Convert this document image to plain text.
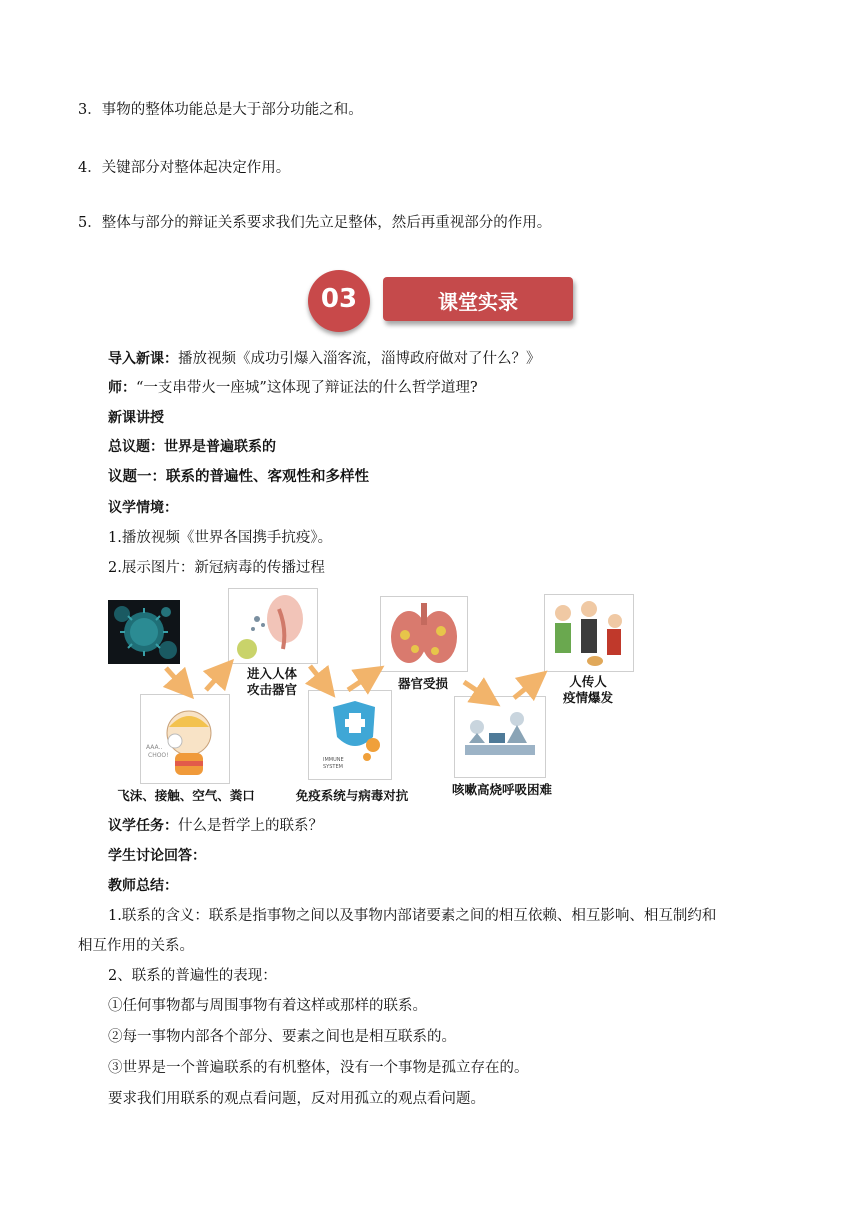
3．事物的整体功能总是大于部分功能之和。
4．关键部分对整体起决定作用。
5．整体与部分的辩证关系要求我们先立足整体，然后再重视部分的作用。
03	课堂实录
导入新课：播放视频《成功引爆入淄客流，淄博政府做对了什么？》
师：“一支串带火一座城”这体现了辩证法的什么哲学道理?
新课讲授
总议题：世界是普遍联系的
议题一：联系的普遍性、客观性和多样性
议学情境：
1.播放视频《世界各国携手抗疫》。
2.展示图片：新冠病毒的传播过程
AAA..
CHOO!
飞沫、接触、空气、粪口
进入人体
攻击器官
IMMUNE
SYSTEM
免疫系统与病毒对抗
器官受损
咳嗽高烧呼吸困难
人传人
疫情爆发
议学任务：什么是哲学上的联系？
学生讨论回答：
教师总结：
1.联系的含义：联系是指事物之间以及事物内部诸要素之间的相互依赖、相互影响、相互制约和
相互作用的关系。
2、联系的普遍性的表现：
①任何事物都与周围事物有着这样或那样的联系。
②每一事物内部各个部分、要素之间也是相互联系的。
③世界是一个普遍联系的有机整体，没有一个事物是孤立存在的。
要求我们用联系的观点看问题，反对用孤立的观点看问题。
